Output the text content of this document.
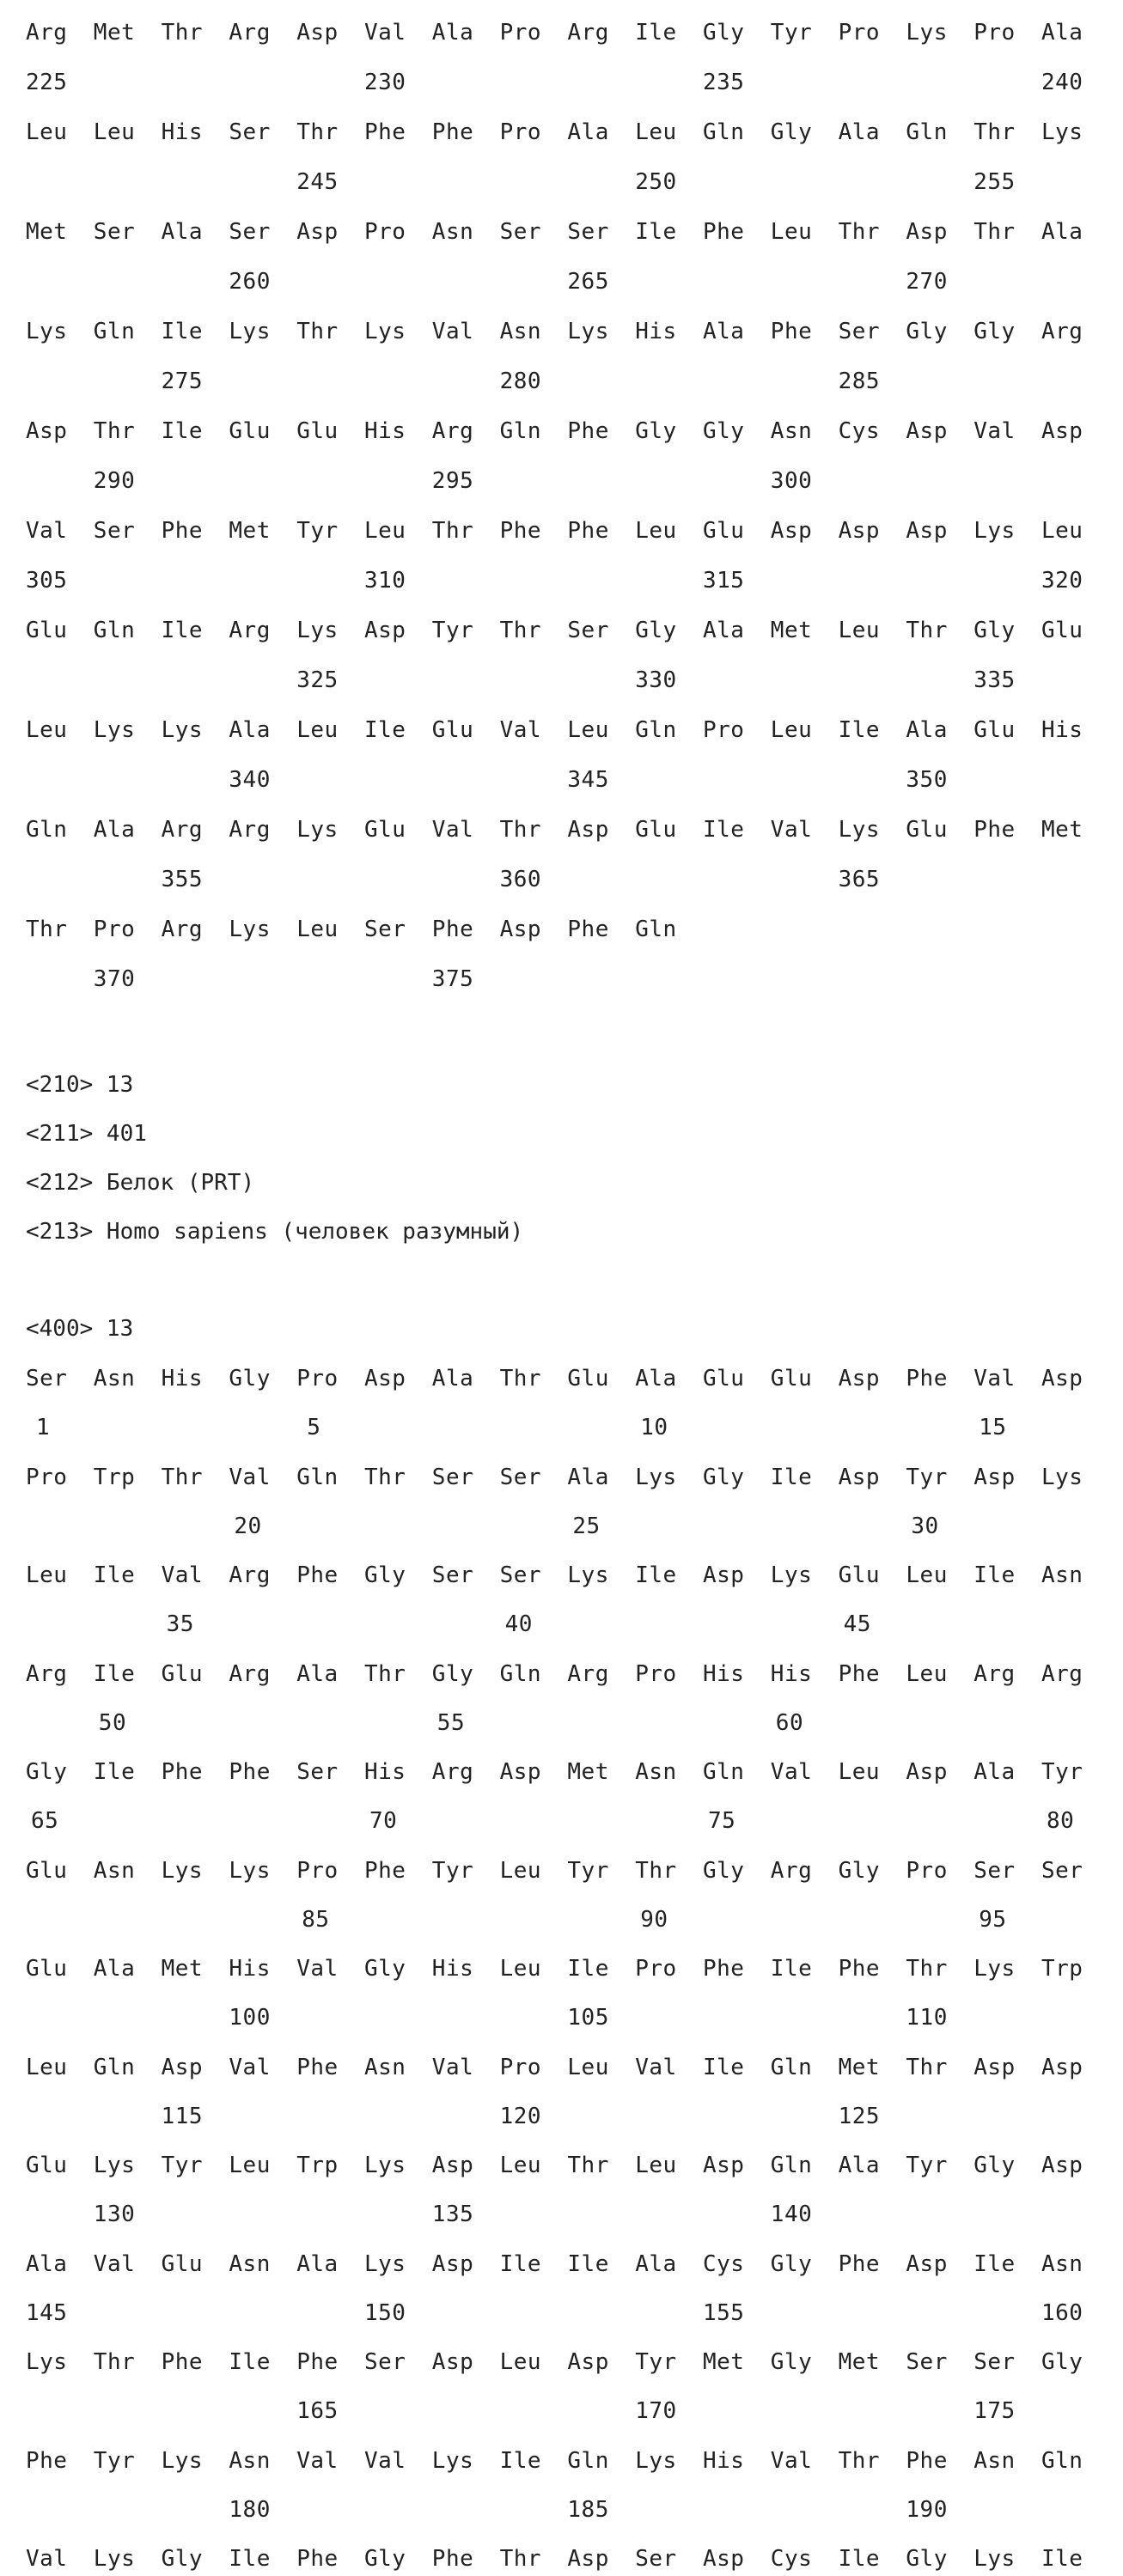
Arg Met Thr Arg Asp Val Ala Pro Arg Ile Gly Tyr Pro Lys Pro Ala
225	230	235	240
Leu Leu His Ser Thr Phe Phe Pro Ala Leu Gln Gly Ala Gln Thr Lys
245	250	255
Met Ser Ala Ser Asp Pro Asn Ser Ser Ile Phe Leu Thr Asp Thr Ala
260	265	270
Lys Gln Ile Lys Thr Lys Val Asn Lys His Ala Phe Ser Gly Gly Arg
275	280	285
Asp Thr Ile Glu Glu His Arg Gln Phe Gly Gly Asn Cys Asp Val Asp
290	295	300
Val Ser Phe Met Tyr Leu Thr Phe Phe Leu Glu Asp Asp Asp Lys Leu
305	310	315	320
Glu Gln Ile Arg Lys Asp Tyr Thr Ser Gly Ala Met Leu Thr Gly Glu
325	330	335
Leu Lys Lys Ala Leu Ile Glu Val Leu Gln Pro Leu Ile Ala Glu His
340	345	350
Gln Ala Arg Arg Lys Glu Val Thr Asp Glu Ile Val Lys Glu Phe Met
355	360	365
Thr Pro Arg Lys Leu Ser Phe Asp Phe Gln
370	375
<210> 13
<211> 401
<212> Белок (PRT)
<213> Homo sapiens (человек разумный)
<400> 13
Ser Asn His Gly Pro Asp Ala Thr Glu Ala Glu Glu Asp Phe Val Asp
1	5	10	15
Pro Trp Thr Val Gln Thr Ser Ser Ala Lys Gly Ile Asp Tyr Asp Lys
20	25	30
Leu Ile Val Arg Phe Gly Ser Ser Lys Ile Asp Lys Glu Leu Ile Asn
35	40	45
Arg Ile Glu Arg Ala Thr Gly Gln Arg Pro His His Phe Leu Arg Arg
50	55	60
Gly Ile Phe Phe Ser His Arg Asp Met Asn Gln Val Leu Asp Ala Tyr
65	70	75	80
Glu Asn Lys Lys Pro Phe Tyr Leu Tyr Thr Gly Arg Gly Pro Ser Ser
85	90	95
Glu Ala Met His Val Gly His Leu Ile Pro Phe Ile Phe Thr Lys Trp
100	105	110
Leu Gln Asp Val Phe Asn Val Pro Leu Val Ile Gln Met Thr Asp Asp
115	120	125
Glu Lys Tyr Leu Trp Lys Asp Leu Thr Leu Asp Gln Ala Tyr Gly Asp
130	135	140
Ala Val Glu Asn Ala Lys Asp Ile Ile Ala Cys Gly Phe Asp Ile Asn
145	150	155	160
Lys Thr Phe Ile Phe Ser Asp Leu Asp Tyr Met Gly Met Ser Ser Gly
165	170	175
Phe Tyr Lys Asn Val Val Lys Ile Gln Lys His Val Thr Phe Asn Gln
180	185	190
Val Lys Gly Ile Phe Gly Phe Thr Asp Ser Asp Cys Ile Gly Lys Ile
